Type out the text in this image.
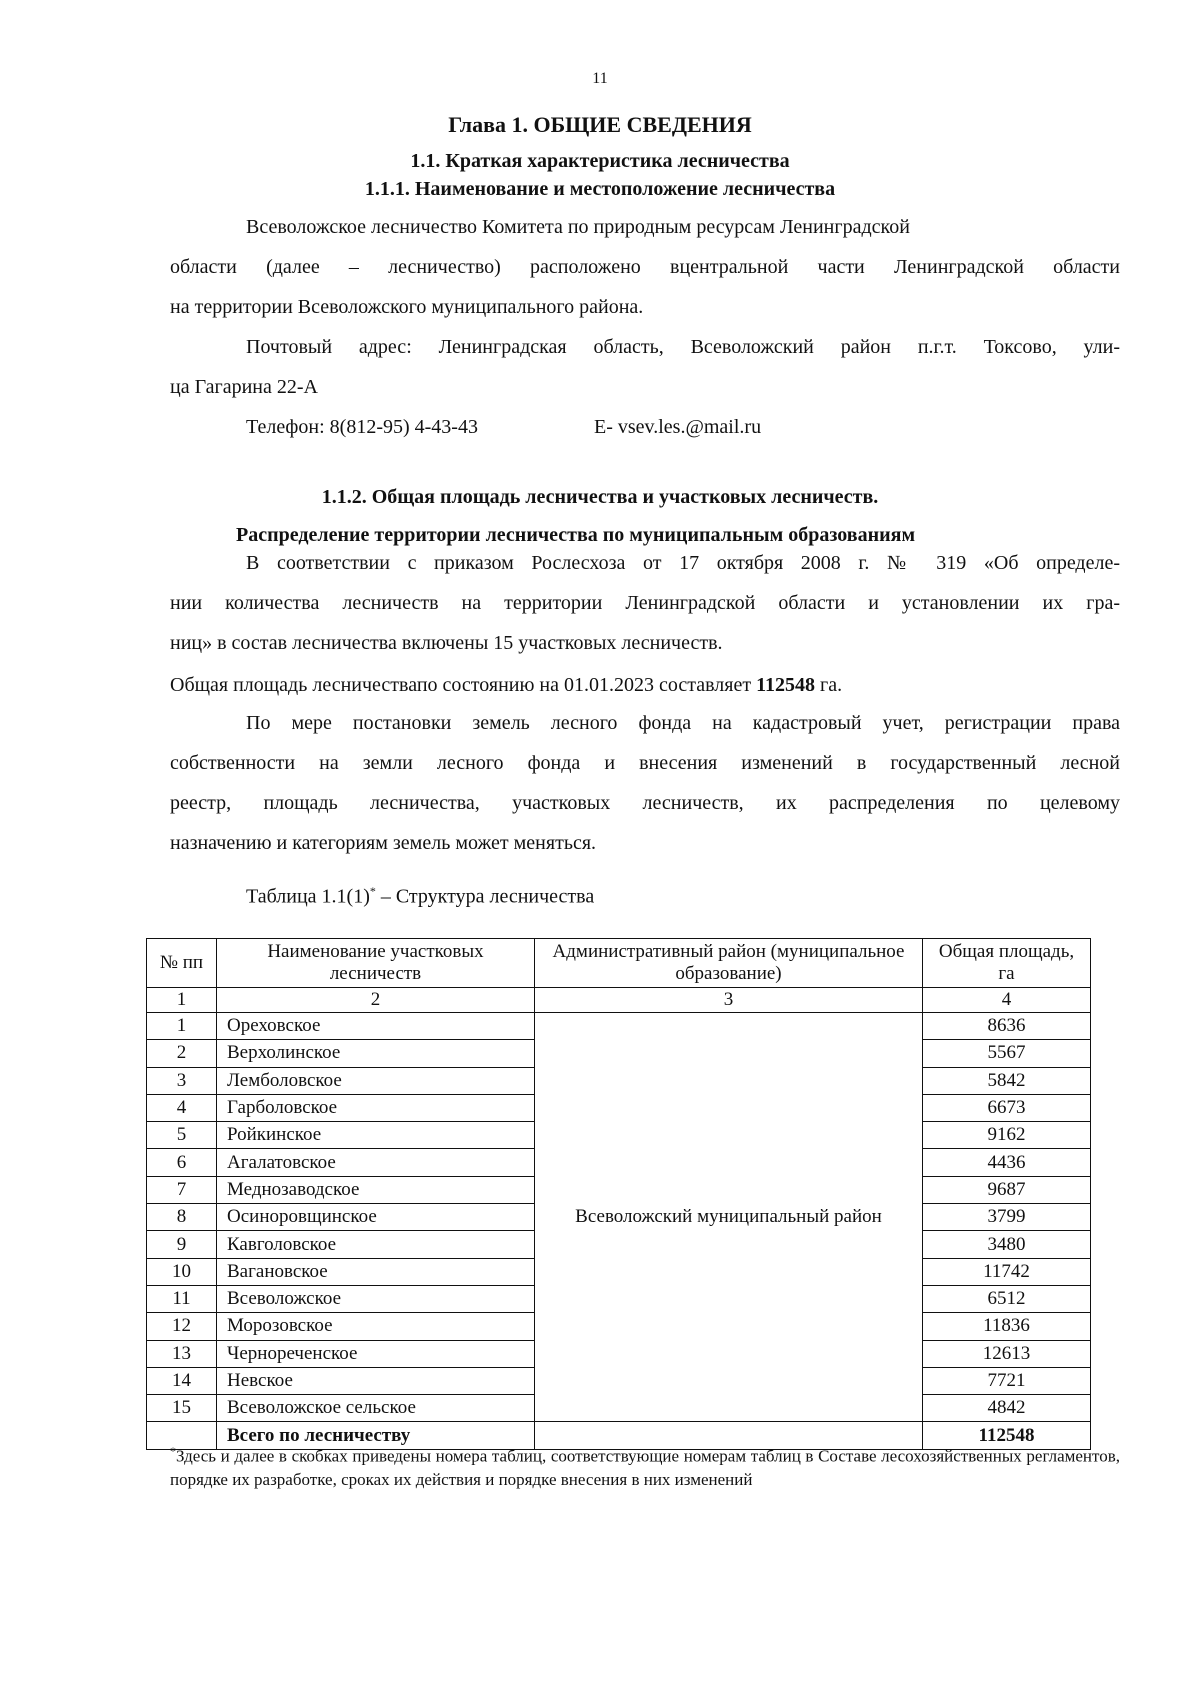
11
Глава 1. ОБЩИЕ СВЕДЕНИЯ
1.1. Краткая характеристика лесничества
1.1.1. Наименование и местоположение лесничества

Всеволожское лесничество Комитета по природным ресурсам Ленинградской

области (далее – лесничество) расположено вцентральной части Ленинградской области

на территории Всеволожского муниципального района.

Почтовый адрес: Ленинградская область, Всеволожский район п.г.т. Токсово, ули-

ца Гагарина 22-А

Телефон: 8(812-95) 4-43-43	E- vsev.les.@mail.ru

1.1.2. Общая площадь лесничества и участковых лесничеств.
Распределение территории лесничества по муниципальным образованиям

В соответствии с приказом Рослесхоза от 17 октября 2008 г. № 319 «Об определе-

нии количества лесничеств на территории Ленинградской области и установлении их гра-

ниц» в состав лесничества включены 15 участковых лесничеств.

Общая площадь лесничествапо состоянию на 01.01.2023 составляет 112548 га.

По мере постановки земель лесного фонда на кадастровый учет, регистрации права

собственности на земли лесного фонда и внесения изменений в государственный лесной

реестр, площадь лесничества, участковых лесничеств, их распределения по целевому

назначению и категориям земель может меняться.

Таблица 1.1(1)* – Структура лесничества

№ пп	Наименование участковых лесничеств	Административный район (муниципальное образование)	Общая площадь, га
1	2	3	4
1	Ореховское	Всеволожский муниципальный район	8636
2	Верхолинское		5567
3	Лемболовское		5842
4	Гарболовское		6673
5	Ройкинское		9162
6	Агалатовское		4436
7	Меднозаводское		9687
8	Осиноровщинское		3799
9	Кавголовское		3480
10	Вагановское		11742
11	Всеволожское		6512
12	Морозовское		11836
13	Черноречeнское		12613
14	Невское		7721
15	Всеволожское сельское		4842
	Всего по лесничеству		112548

*Здесь и далее в скобках приведены номера таблиц, соответствующие номерам таблиц в Составе лесохозяйственных регламентов, порядке их разработке, сроках их действия и порядке внесения в них изменений
